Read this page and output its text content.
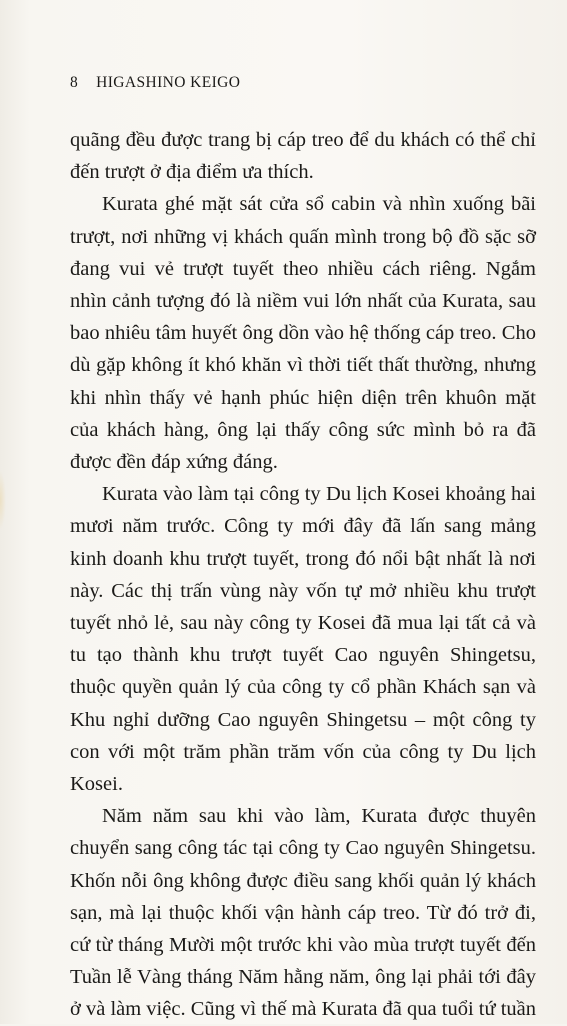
8 HIGASHINO KEIGO

quãng đều được trang bị cáp treo để du khách có thể chỉ đến trượt ở địa điểm ưa thích.

Kurata ghé mặt sát cửa sổ cabin và nhìn xuống bãi trượt, nơi những vị khách quấn mình trong bộ đồ sặc sỡ đang vui vẻ trượt tuyết theo nhiều cách riêng. Ngắm nhìn cảnh tượng đó là niềm vui lớn nhất của Kurata, sau bao nhiêu tâm huyết ông dồn vào hệ thống cáp treo. Cho dù gặp không ít khó khăn vì thời tiết thất thường, nhưng khi nhìn thấy vẻ hạnh phúc hiện diện trên khuôn mặt của khách hàng, ông lại thấy công sức mình bỏ ra đã được đền đáp xứng đáng.

Kurata vào làm tại công ty Du lịch Kosei khoảng hai mươi năm trước. Công ty mới đây đã lấn sang mảng kinh doanh khu trượt tuyết, trong đó nổi bật nhất là nơi này. Các thị trấn vùng này vốn tự mở nhiều khu trượt tuyết nhỏ lẻ, sau này công ty Kosei đã mua lại tất cả và tu tạo thành khu trượt tuyết Cao nguyên Shingetsu, thuộc quyền quản lý của công ty cổ phần Khách sạn và Khu nghỉ dưỡng Cao nguyên Shingetsu – một công ty con với một trăm phần trăm vốn của công ty Du lịch Kosei.

Năm năm sau khi vào làm, Kurata được thuyên chuyển sang công tác tại công ty Cao nguyên Shingetsu. Khốn nỗi ông không được điều sang khối quản lý khách sạn, mà lại thuộc khối vận hành cáp treo. Từ đó trở đi, cứ từ tháng Mười một trước khi vào mùa trượt tuyết đến Tuần lễ Vàng tháng Năm hằng năm, ông lại phải tới đây ở và làm việc. Cũng vì thế mà Kurata đã qua tuổi tứ tuần
